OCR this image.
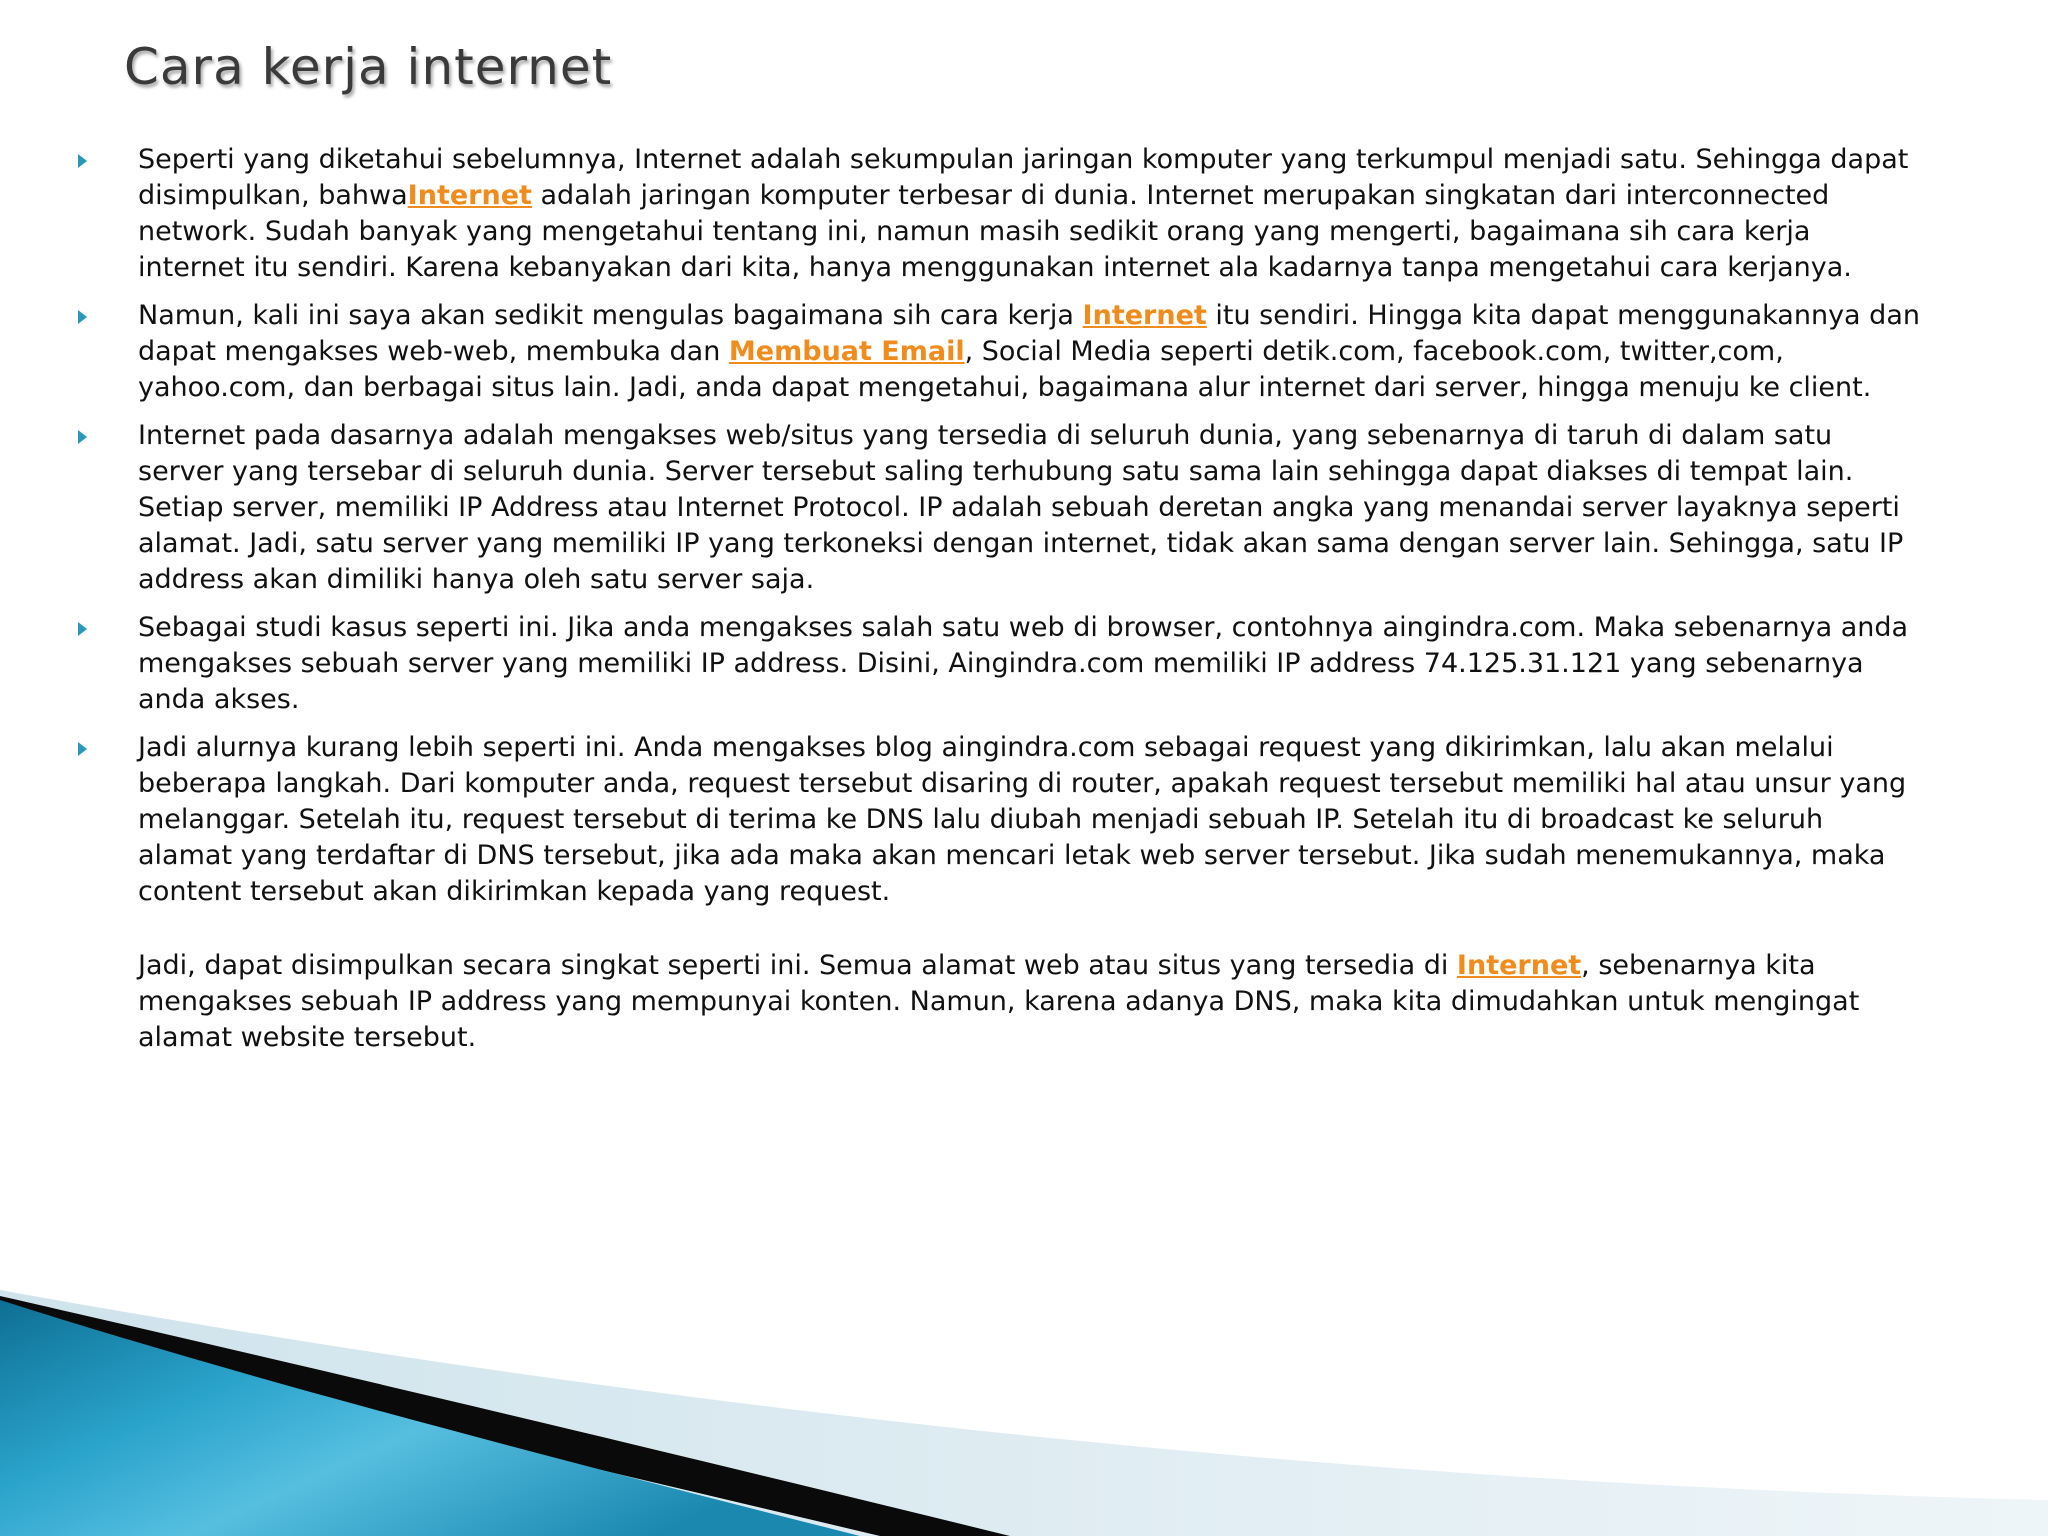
Cara kerja internet
Seperti yang diketahui sebelumnya, Internet adalah sekumpulan jaringan komputer yang terkumpul menjadi satu. Sehingga dapat
disimpulkan, bahwaInternet adalah jaringan komputer terbesar di dunia. Internet merupakan singkatan dari interconnected
network. Sudah banyak yang mengetahui tentang ini, namun masih sedikit orang yang mengerti, bagaimana sih cara kerja
internet itu sendiri. Karena kebanyakan dari kita, hanya menggunakan internet ala kadarnya tanpa mengetahui cara kerjanya.
Namun, kali ini saya akan sedikit mengulas bagaimana sih cara kerja Internet itu sendiri. Hingga kita dapat menggunakannya dan
dapat mengakses web-web, membuka dan Membuat Email, Social Media seperti detik.com, facebook.com, twitter,com,
yahoo.com, dan berbagai situs lain. Jadi, anda dapat mengetahui, bagaimana alur internet dari server, hingga menuju ke client.
Internet pada dasarnya adalah mengakses web/situs yang tersedia di seluruh dunia, yang sebenarnya di taruh di dalam satu
server yang tersebar di seluruh dunia. Server tersebut saling terhubung satu sama lain sehingga dapat diakses di tempat lain.
Setiap server, memiliki IP Address atau Internet Protocol. IP adalah sebuah deretan angka yang menandai server layaknya seperti
alamat. Jadi, satu server yang memiliki IP yang terkoneksi dengan internet, tidak akan sama dengan server lain. Sehingga, satu IP
address akan dimiliki hanya oleh satu server saja.
Sebagai studi kasus seperti ini. Jika anda mengakses salah satu web di browser, contohnya aingindra.com. Maka sebenarnya anda
mengakses sebuah server yang memiliki IP address. Disini, Aingindra.com memiliki IP address 74.125.31.121 yang sebenarnya
anda akses.
Jadi alurnya kurang lebih seperti ini. Anda mengakses blog aingindra.com sebagai request yang dikirimkan, lalu akan melalui
beberapa langkah. Dari komputer anda, request tersebut disaring di router, apakah request tersebut memiliki hal atau unsur yang
melanggar. Setelah itu, request tersebut di terima ke DNS lalu diubah menjadi sebuah IP. Setelah itu di broadcast ke seluruh
alamat yang terdaftar di DNS tersebut, jika ada maka akan mencari letak web server tersebut. Jika sudah menemukannya, maka
content tersebut akan dikirimkan kepada yang request.
Jadi, dapat disimpulkan secara singkat seperti ini. Semua alamat web atau situs yang tersedia di Internet, sebenarnya kita
mengakses sebuah IP address yang mempunyai konten. Namun, karena adanya DNS, maka kita dimudahkan untuk mengingat
alamat website tersebut.
